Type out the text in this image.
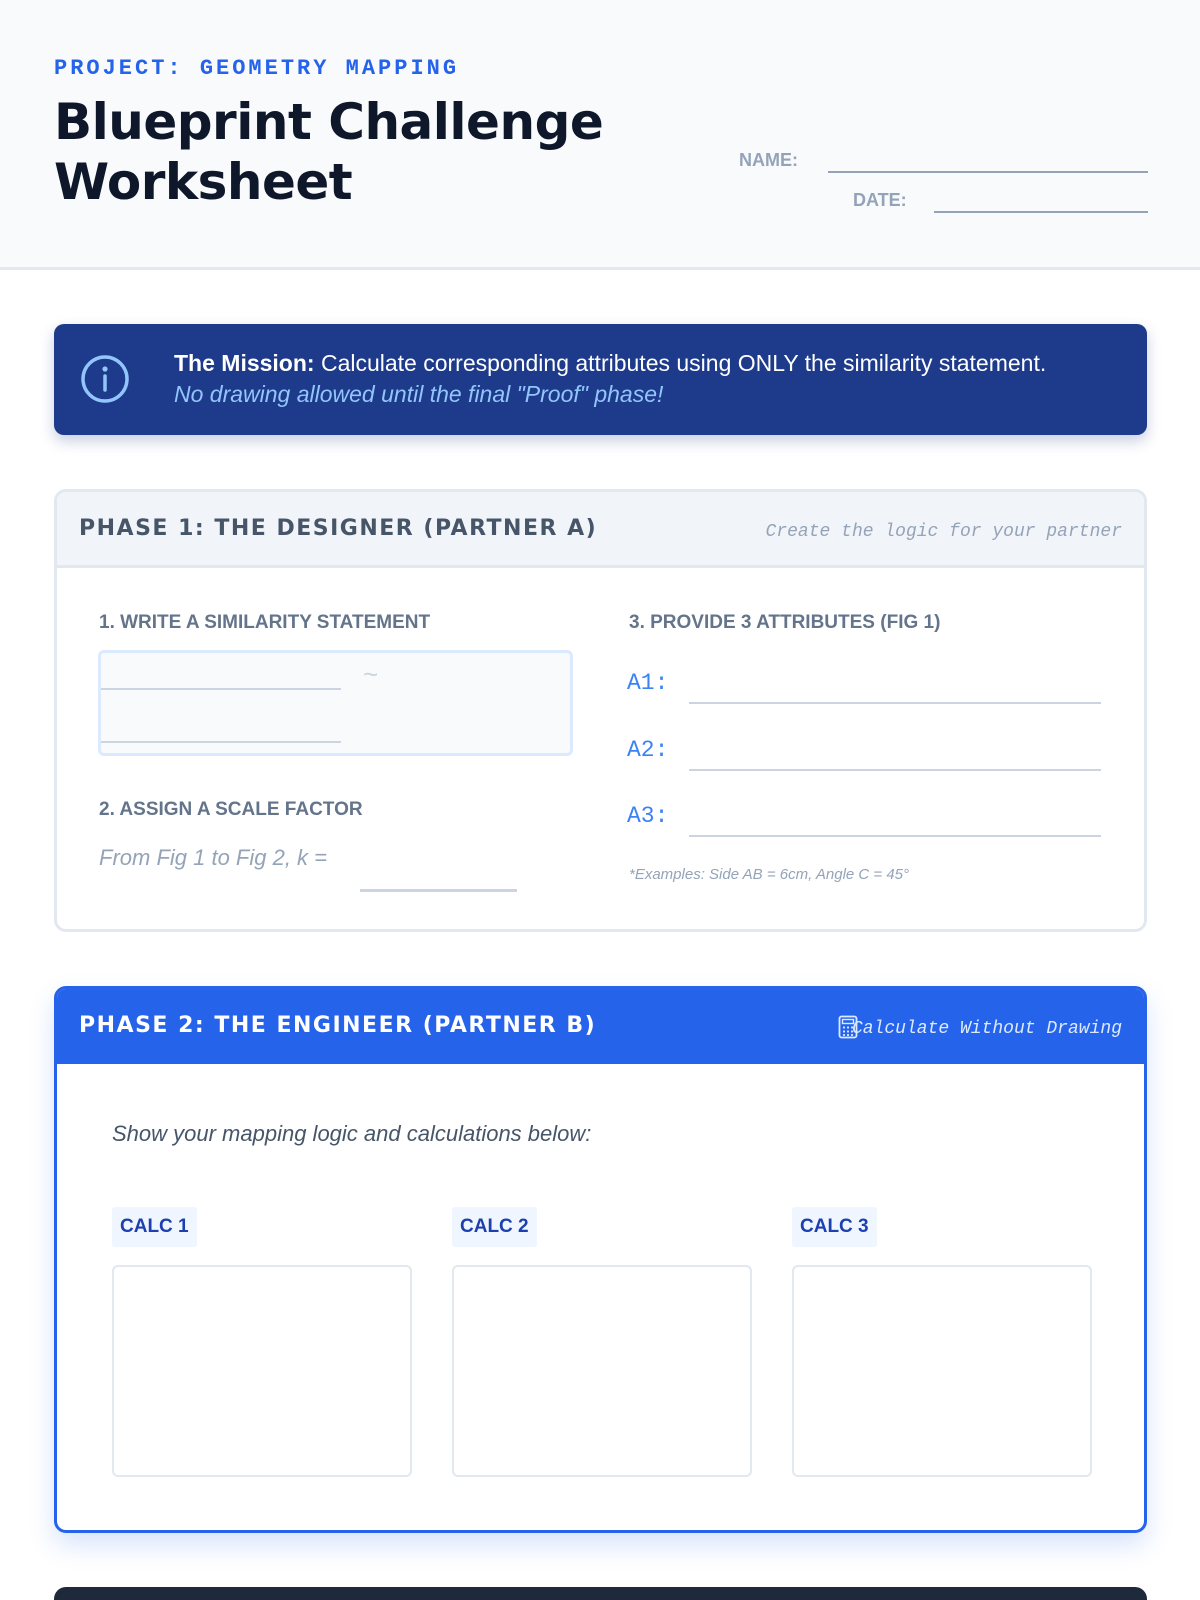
PROJECT: GEOMETRY MAPPING
Blueprint Challenge
Worksheet	NAME:
DATE:
The Mission: Calculate corresponding attributes using ONLY the similarity statement.
No drawing allowed until the final "Proof" phase!
PHASE 1: THE DESIGNER (PARTNER A)	Create the logic for your partner
1. WRITE A SIMILARITY STATEMENT
~
2. ASSIGN A SCALE FACTOR
From Fig 1 to Fig 2, k =
3. PROVIDE 3 ATTRIBUTES (FIG 1)
A1:
A2:
A3:
*Examples: Side AB = 6cm, Angle C = 45°
PHASE 2: THE ENGINEER (PARTNER B)	Calculate Without Drawing
Show your mapping logic and calculations below:
CALC 1	CALC 2	CALC 3
